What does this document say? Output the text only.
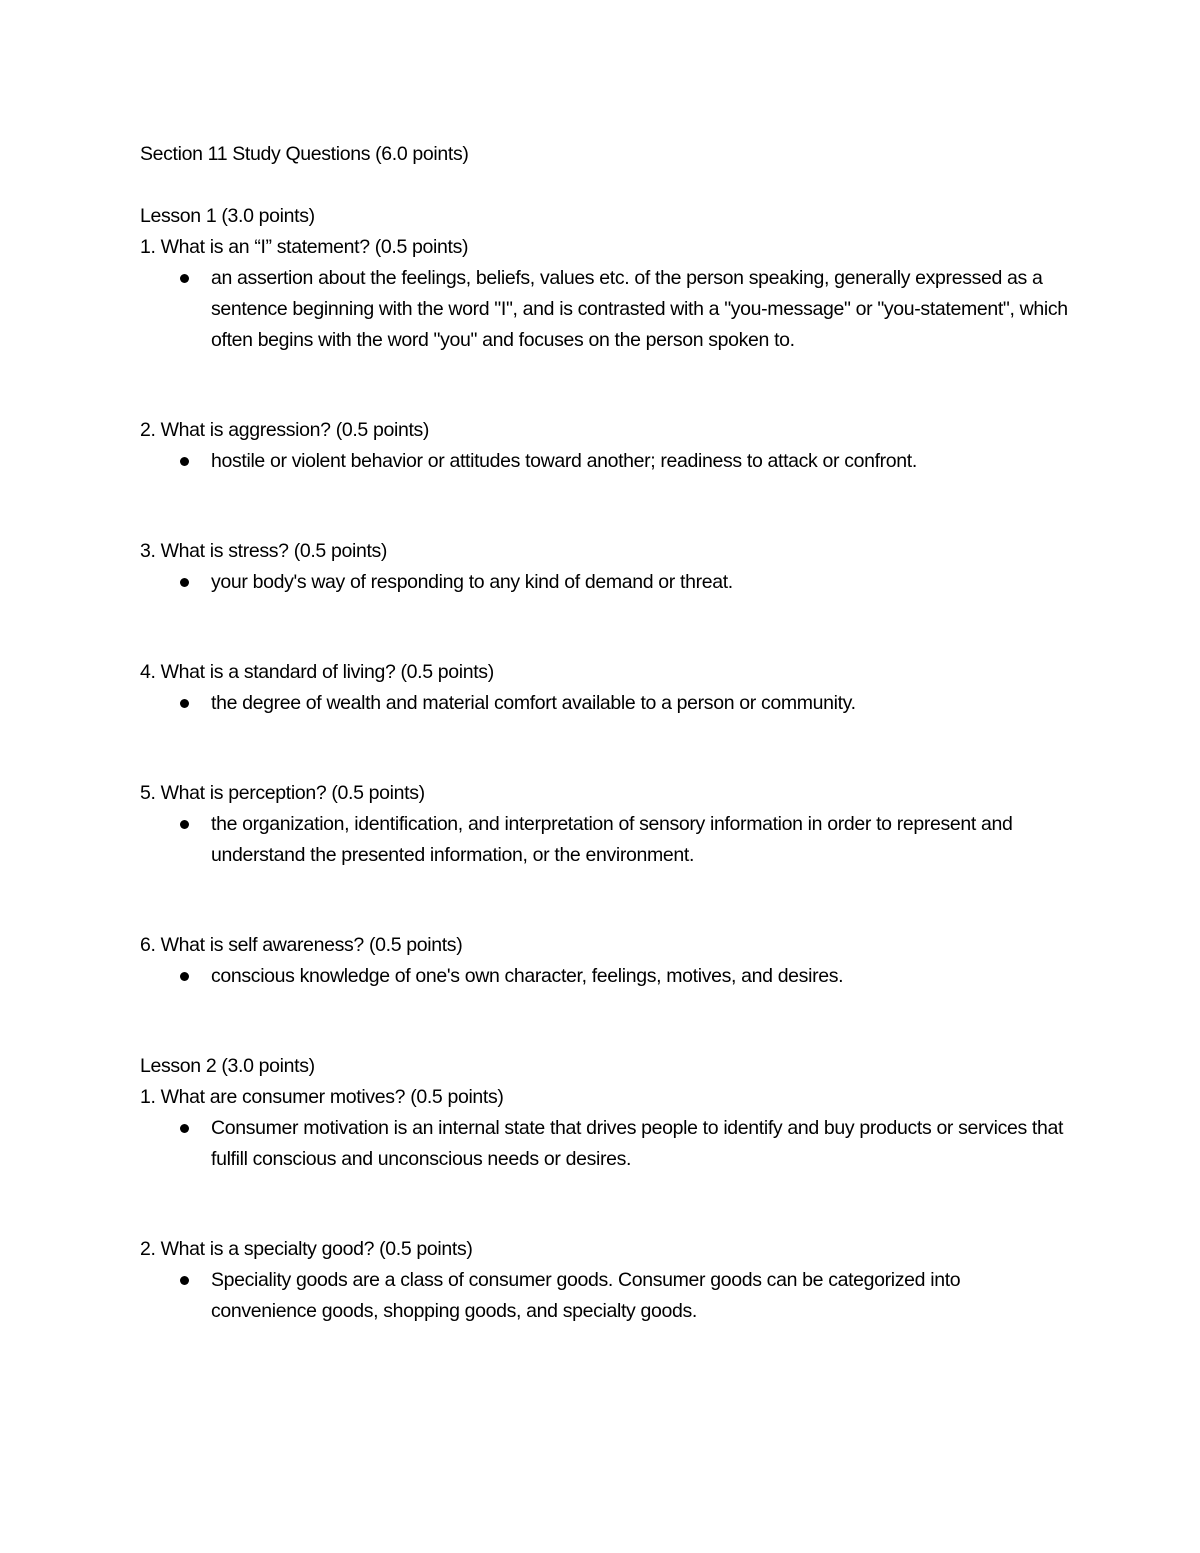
Section 11 Study Questions (6.0 points)
Lesson 1 (3.0 points)
1. What is an “I” statement? (0.5 points)
an assertion about the feelings, beliefs, values etc. of the person speaking, generally expressed as a sentence beginning with the word "I", and is contrasted with a "you-message" or "you-statement", which often begins with the word "you" and focuses on the person spoken to.
2. What is aggression? (0.5 points)
hostile or violent behavior or attitudes toward another; readiness to attack or confront.
3. What is stress? (0.5 points)
your body's way of responding to any kind of demand or threat.
4. What is a standard of living? (0.5 points)
the degree of wealth and material comfort available to a person or community.
5. What is perception? (0.5 points)
the organization, identification, and interpretation of sensory information in order to represent and understand the presented information, or the environment.
6. What is self awareness? (0.5 points)
conscious knowledge of one's own character, feelings, motives, and desires.
Lesson 2 (3.0 points)
1. What are consumer motives? (0.5 points)
Consumer motivation is an internal state that drives people to identify and buy products or services that fulfill conscious and unconscious needs or desires.
2. What is a specialty good? (0.5 points)
Speciality goods are a class of consumer goods. Consumer goods can be categorized into convenience goods, shopping goods, and specialty goods.
